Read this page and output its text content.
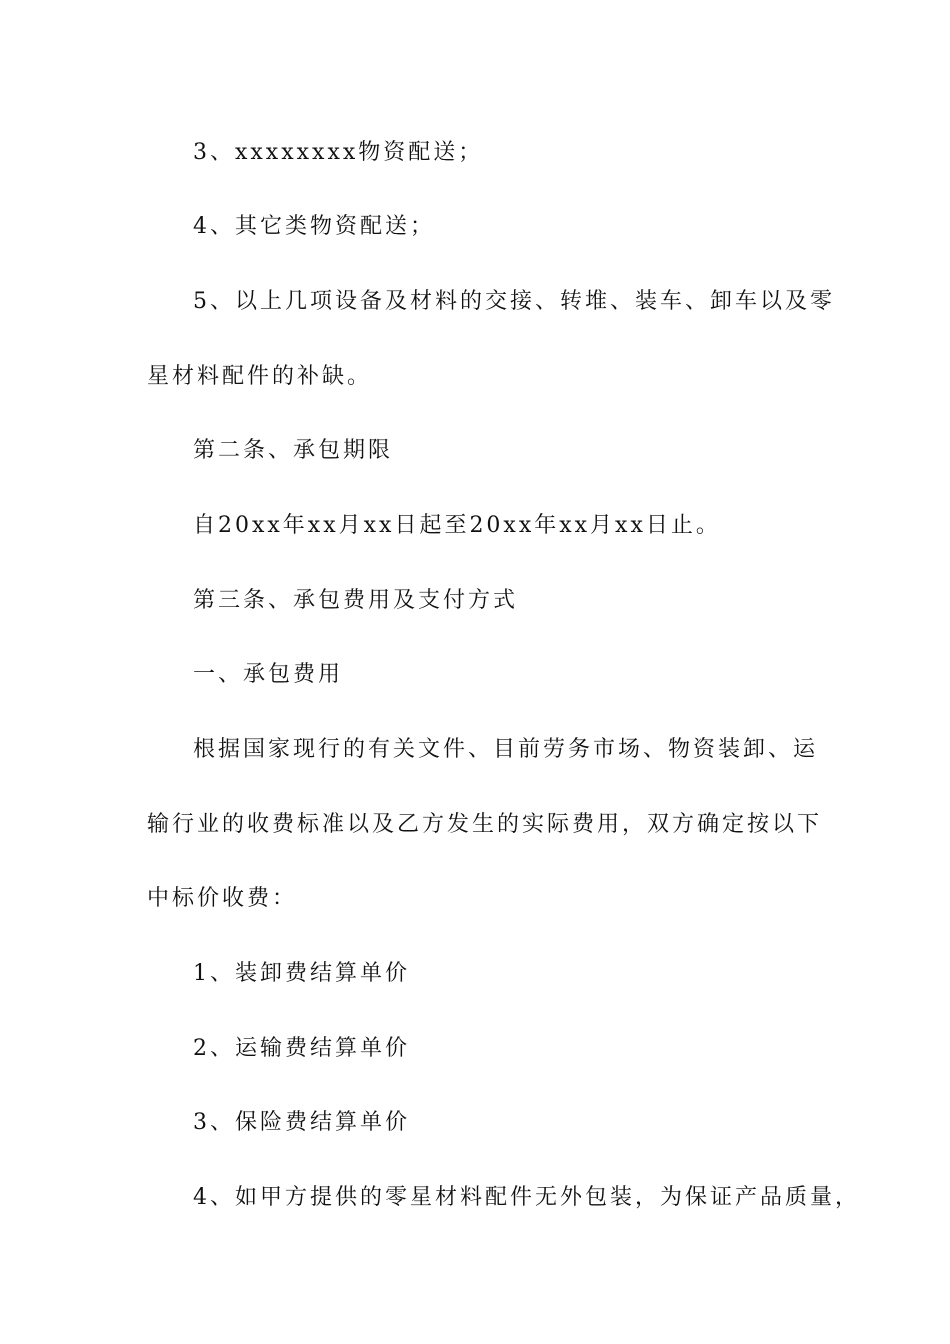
3、xxxxxxxx物资配送；
4、其它类物资配送；
5、以上几项设备及材料的交接、转堆、装车、卸车以及零
星材料配件的补缺。
第二条、承包期限
自20xx年xx月xx日起至20xx年xx月xx日止。
第三条、承包费用及支付方式
一、承包费用
根据国家现行的有关文件、目前劳务市场、物资装卸、运
输行业的收费标准以及乙方发生的实际费用，双方确定按以下
中标价收费：
1、装卸费结算单价
2、运输费结算单价
3、保险费结算单价
4、如甲方提供的零星材料配件无外包装，为保证产品质量，
